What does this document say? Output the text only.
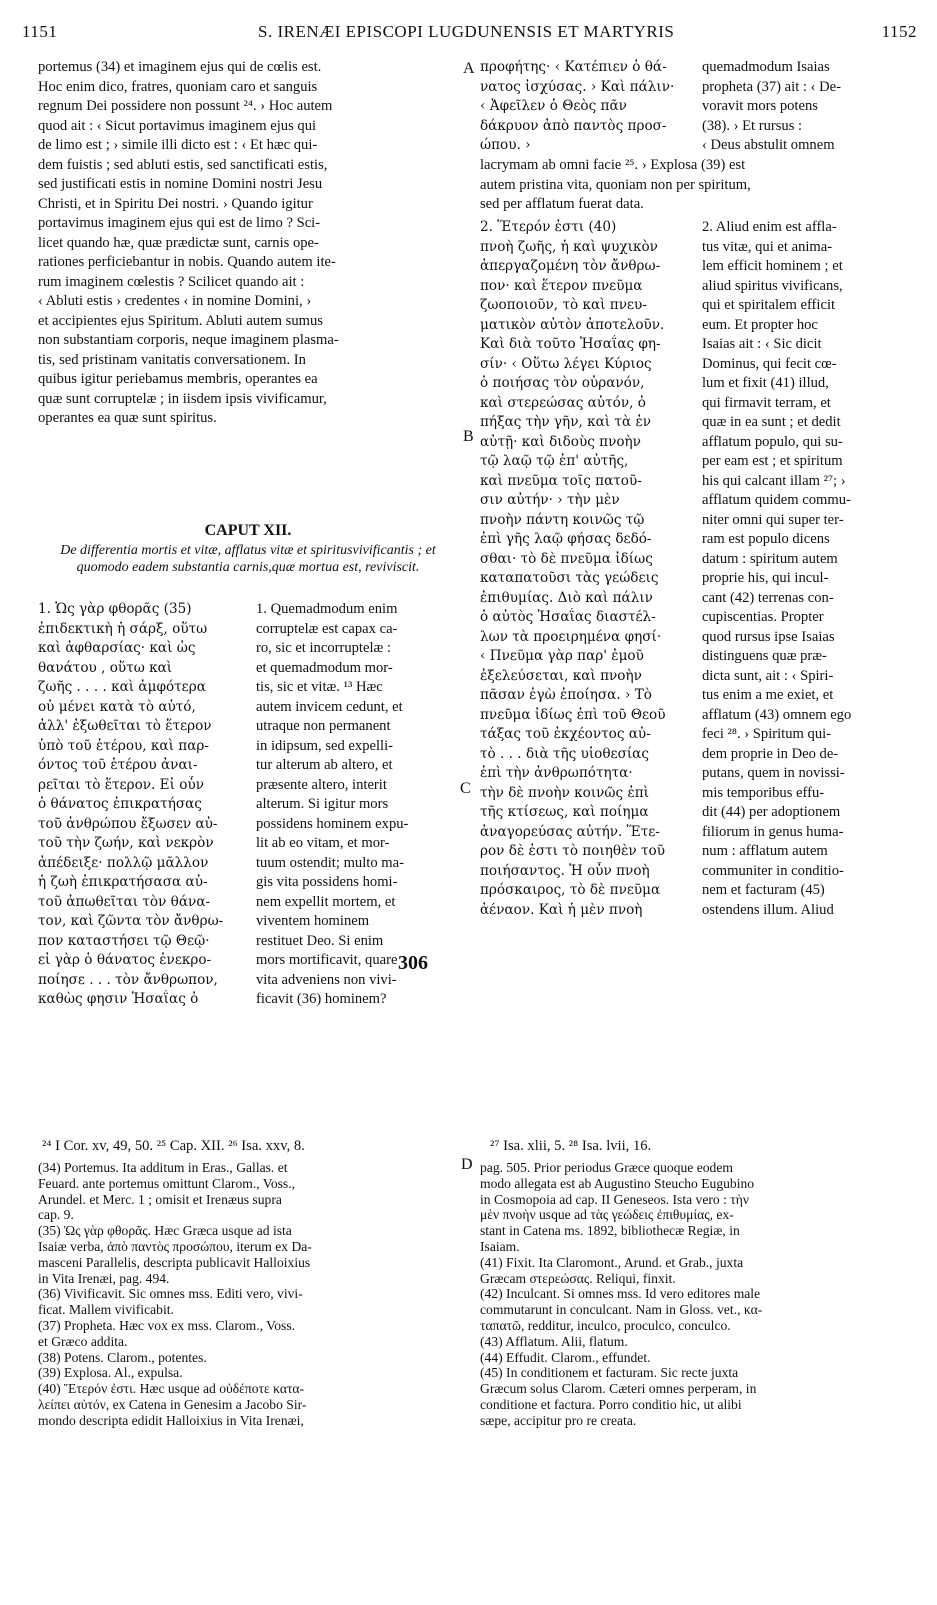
1151	S. IRENÆI EPISCOPI LUGDUNENSIS ET MARTYRIS	1152
portemus (34) et imaginem ejus qui de cœlis est.
Hoc enim dico, fratres, quoniam caro et sanguis
regnum Dei possidere non possunt ²⁴. › Hoc autem
quod ait : ‹ Sicut portavimus imaginem ejus qui
de limo est ; › simile illi dicto est : ‹ Et hæc qui-
dem fuistis ; sed abluti estis, sed sanctificati estis,
sed justificati estis in nomine Domini nostri Jesu
Christi, et in Spiritu Dei nostri. › Quando igitur
portavimus imaginem ejus qui est de limo ? Sci-
licet quando hæ, quæ prædictæ sunt, carnis ope-
rationes perficiebantur in nobis. Quando autem ite-
rum imaginem cœlestis ? Scilicet quando ait :
‹ Abluti estis › credentes ‹ in nomine Domini, ›
et accipientes ejus Spiritum. Abluti autem sumus
non substantiam corporis, neque imaginem plasma-
tis, sed pristinam vanitatis conversationem. In
quibus igitur periebamus membris, operantes ea
quæ sunt corruptelæ ; in iisdem ipsis vivificamur,
operantes ea quæ sunt spiritus.
CAPUT XII.
De differentia mortis et vitæ, afflatus vitæ et spiritusvivificantis ; et quomodo eadem substantia carnis,quæ mortua est, reviviscit.
1. Ὡς γὰρ φθορᾶς (35)
ἐπιδεκτικὴ ἡ σάρξ, οὕτω
καὶ ἀφθαρσίας· καὶ ὡς
θανάτου , οὕτω καὶ
ζωῆς . . . . καὶ ἀμφότερα
οὐ μένει κατὰ τὸ αὐτό,
ἀλλ' ἐξωθεῖται τὸ ἕτερον
ὑπὸ τοῦ ἑτέρου, καὶ παρ-
όντος τοῦ ἑτέρου ἀναι-
ρεῖται τὸ ἕτερον. Εἰ οὖν
ὁ θάνατος ἐπικρατήσας
τοῦ ἀνθρώπου ἔξωσεν αὐ-
τοῦ τὴν ζωήν, καὶ νεκρὸν
ἀπέδειξε· πολλῷ μᾶλλον
ἡ ζωὴ ἐπικρατήσασα αὐ-
τοῦ ἀπωθεῖται τὸν θάνα-
τον, καὶ ζῶντα τὸν ἄνθρω-
πον καταστήσει τῷ Θεῷ·
εἰ γὰρ ὁ θάνατος ἐνεκρο-
ποίησε . . . τὸν ἄνθρωπον,
καθὼς φησιν Ἡσαΐας ὁ
1. Quemadmodum enim
corruptelæ est capax ca-
ro, sic et incorruptelæ :
et quemadmodum mor-
tis, sic et vitæ. ¹³ Hæc
autem invicem cedunt, et
utraque non permanent
in idipsum, sed expelli-
tur alterum ab altero, et
præsente altero, interit
alterum. Si igitur mors
possidens hominem expu-
lit ab eo vitam, et mor-
tuum ostendit; multo ma-
gis vita possidens homi-
nem expellit mortem, et
viventem hominem
restituet Deo. Si enim
mors mortificavit, quare
vita adveniens non vivi-
ficavit (36) hominem?
306
A
B
C
D
προφήτης· ‹ Κατέπιεν ὁ θά-
νατος ἰσχύσας. › Καὶ πάλιν·
‹ Ἀφεῖλεν ὁ Θεὸς πᾶν
δάκρυον ἀπὸ παντὸς προσ-
ώπου. ›
quemadmodum Isaias
propheta (37) ait : ‹ De-
voravit mors potens
(38). › Et rursus :
‹ Deus abstulit omnem
lacrymam ab omni facie ²⁵. › Explosa (39) est
autem pristina vita, quoniam non per spiritum,
sed per afflatum fuerat data.
2. Ἕτερόν ἐστι (40)
πνοὴ ζωῆς, ἡ καὶ ψυχικὸν
ἀπεργαζομένη τὸν ἄνθρω-
πον· καὶ ἕτερον πνεῦμα
ζωοποιοῦν, τὸ καὶ πνευ-
ματικὸν αὐτὸν ἀποτελοῦν.
Καὶ διὰ τοῦτο Ἡσαΐας φη-
σίν· ‹ Οὕτω λέγει Κύριος
ὁ ποιήσας τὸν οὐρανόν,
καὶ στερεώσας αὐτόν, ὁ
πήξας τὴν γῆν, καὶ τὰ ἐν
αὐτῇ· καὶ διδοὺς πνοὴν
τῷ λαῷ τῷ ἐπ' αὐτῆς,
καὶ πνεῦμα τοῖς πατοῦ-
σιν αὐτήν· › τὴν μὲν
πνοὴν πάντη κοινῶς τῷ
ἐπὶ γῆς λαῷ φήσας δεδό-
σθαι· τὸ δὲ πνεῦμα ἰδίως
καταπατοῦσι τὰς γεώδεις
ἐπιθυμίας. Διὸ καὶ πάλιν
ὁ αὐτὸς Ἡσαΐας διαστέλ-
λων τὰ προειρημένα φησί·
‹ Πνεῦμα γὰρ παρ' ἐμοῦ
ἐξελεύσεται, καὶ πνοὴν
πᾶσαν ἐγὼ ἐποίησα. › Τὸ
πνεῦμα ἰδίως ἐπὶ τοῦ Θεοῦ
τάξας τοῦ ἐκχέοντος αὐ-
τὸ . . . διὰ τῆς υἱοθεσίας
ἐπὶ τὴν ἀνθρωπότητα·
τὴν δὲ πνοὴν κοινῶς ἐπὶ
τῆς κτίσεως, καὶ ποίημα
ἀναγορεύσας αὐτήν. Ἕτε-
ρον δὲ ἐστι τὸ ποιηθὲν τοῦ
ποιήσαντος. Ἡ οὖν πνοὴ
πρόσκαιρος, τὸ δὲ πνεῦμα
ἀέναον. Καὶ ἡ μὲν πνοὴ
2. Aliud enim est affla-
tus vitæ, qui et anima-
lem efficit hominem ; et
aliud spiritus vivificans,
qui et spiritalem efficit
eum. Et propter hoc
Isaias ait : ‹ Sic dicit
Dominus, qui fecit cœ-
lum et fixit (41) illud,
qui firmavit terram, et
quæ in ea sunt ; et dedit
afflatum populo, qui su-
per eam est ; et spiritum
his qui calcant illam ²⁷; ›
afflatum quidem commu-
niter omni qui super ter-
ram est populo dicens
datum : spiritum autem
proprie his, qui incul-
cant (42) terrenas con-
cupiscentias. Propter
quod rursus ipse Isaias
distinguens quæ præ-
dicta sunt, ait : ‹ Spiri-
tus enim a me exiet, et
afflatum (43) omnem ego
feci ²⁸. › Spiritum qui-
dem proprie in Deo de-
putans, quem in novissi-
mis temporibus effu-
dit (44) per adoptionem
filiorum in genus huma-
num : afflatum autem
communiter in conditio-
nem et facturam (45)
ostendens illum. Aliud
²⁴ I Cor. xv, 49, 50. ²⁵ Cap. XII. ²⁶ Isa. xxv, 8.	²⁷ Isa. xlii, 5. ²⁸ Isa. lvii, 16.
(34) Portemus. Ita additum in Eras., Gallas. et
Feuard. ante portemus omittunt Clarom., Voss.,
Arundel. et Merc. 1 ; omisit et Irenæus supra
cap. 9.
(35) Ὡς γὰρ φθορᾶς. Hæc Græca usque ad ista
Isaiæ verba, ἀπὸ παντὸς προσώπου, iterum ex Da-
masceni Parallelis, descripta publicavit Halloixius
in Vita Irenæi, pag. 494.
(36) Vivificavit. Sic omnes mss. Editi vero, vivi-
ficat. Mallem vivificabit.
(37) Propheta. Hæc vox ex mss. Clarom., Voss.
et Græco addita.
(38) Potens. Clarom., potentes.
(39) Explosa. Al., expulsa.
(40) Ἕτερόν ἐστι. Hæc usque ad οὐδέποτε κατα-
λείπει αὐτόν, ex Catena in Genesim a Jacobo Sir-
mondo descripta edidit Halloixius in Vita Irenæi,
pag. 505. Prior periodus Græce quoque eodem
modo allegata est ab Augustino Steucho Eugubino
in Cosmopoia ad cap. II Geneseos. Ista vero : τὴν
μὲν πνοὴν usque ad τὰς γεώδεις ἐπιθυμίας, ex-
stant in Catena ms. 1892, bibliothecæ Regiæ, in
Isaiam.
(41) Fixit. Ita Claromont., Arund. et Grab., juxta
Græcam στερεώσας. Reliqui, finxit.
(42) Inculcant. Si omnes mss. Id vero editores male
commutarunt in conculcant. Nam in Gloss. vet., κα-
ταπατῶ, redditur, inculco, proculco, conculco.
(43) Afflatum. Alii, flatum.
(44) Effudit. Clarom., effundet.
(45) In conditionem et facturam. Sic recte juxta
Græcum solus Clarom. Cæteri omnes perperam, in
conditione et factura. Porro conditio hic, ut alibi
sæpe, accipitur pro re creata.
